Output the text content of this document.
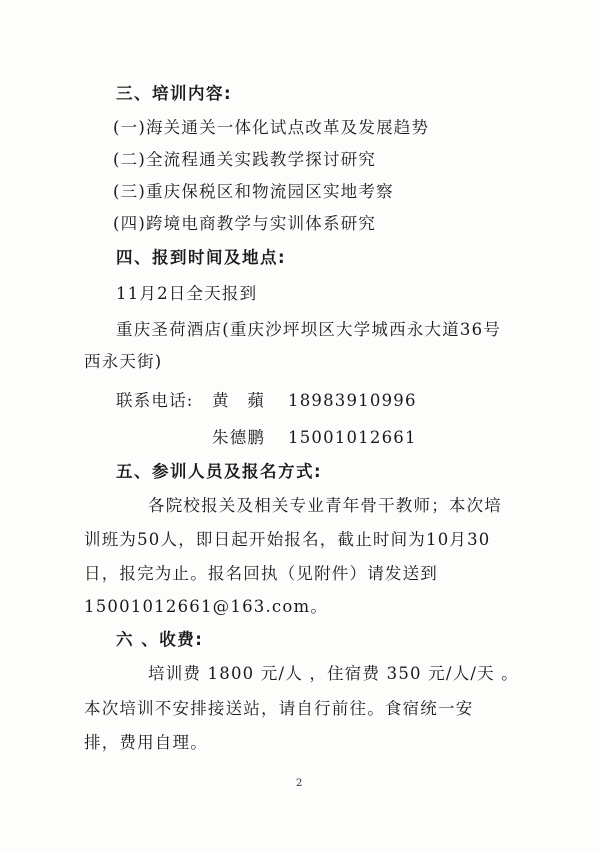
三、培训内容:
(一)海关通关一体化试点改革及发展趋势
(二)全流程通关实践教学探讨研究
(三)重庆保税区和物流园区实地考察
(四)跨境电商教学与实训体系研究
四、报到时间及地点:
11月2日全天报到
重庆圣荷酒店(重庆沙坪坝区大学城西永大道36号
西永天街)
联系电话: 黄　蘋 18983910996
朱德鹏 15001012661
五、参训人员及报名方式:
各院校报关及相关专业青年骨干教师；本次培
训班为50人，即日起开始报名，截止时间为10月30
日，报完为止。报名回执（见附件）请发送到
15001012661@163.com。
六 、收费:
培训费 1800 元/人 ，住宿费 350 元/人/天 。
本次培训不安排接送站，请自行前往。食宿统一安
排，费用自理。
2
